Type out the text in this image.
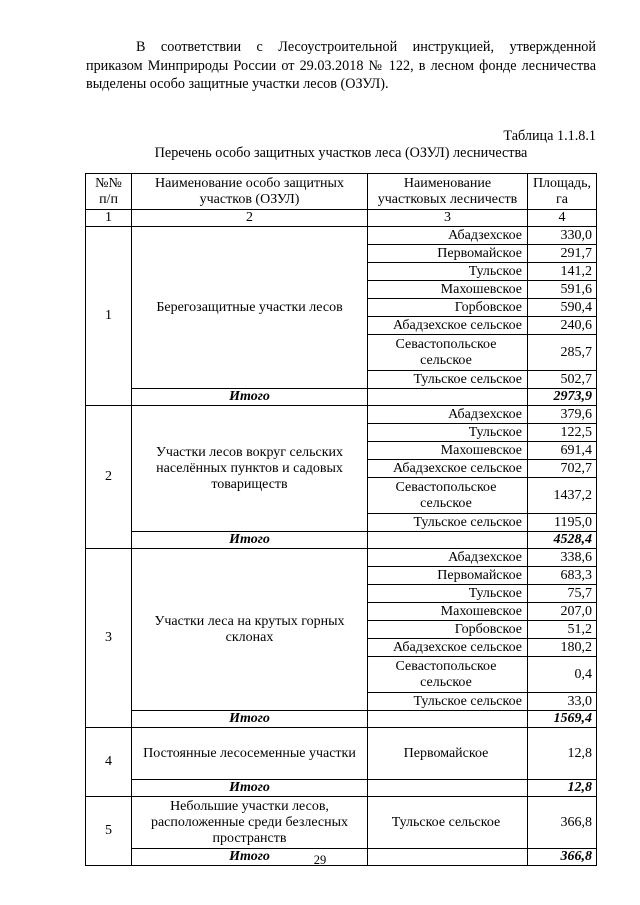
В соответствии с Лесоустроительной инструкцией, утвержденной приказом Минприроды России от 29.03.2018 № 122, в лесном фонде лесничества выделены особо защитные участки лесов (ОЗУЛ).

Таблица 1.1.8.1
Перечень особо защитных участков леса (ОЗУЛ) лесничества
№№ п/п	Наименование особо защитных участков (ОЗУЛ)	Наименование участковых лесничеств	Площадь, га
1	2	3	4
1	Берегозащитные участки лесов	Абадзехское	330,0
		Первомайское	291,7
		Тульское	141,2
		Махошевское	591,6
		Горбовское	590,4
		Абадзехское сельское	240,6
		Севастопольское сельское	285,7
		Тульское сельское	502,7
	Итого		2973,9
2	Участки лесов вокруг сельских населённых пунктов и садовых товариществ	Абадзехское	379,6
		Тульское	122,5
		Махошевское	691,4
		Абадзехское сельское	702,7
		Севастопольское сельское	1437,2
		Тульское сельское	1195,0
	Итого		4528,4
3	Участки леса на крутых горных склонах	Абадзехское	338,6
		Первомайское	683,3
		Тульское	75,7
		Махошевское	207,0
		Горбовское	51,2
		Абадзехское сельское	180,2
		Севастопольское сельское	0,4
		Тульское сельское	33,0
	Итого		1569,4
4	Постоянные лесосеменные участки	Первомайское	12,8
	Итого		12,8
5	Небольшие участки лесов, расположенные среди безлесных пространств	Тульское сельское	366,8
	Итого		366,8
29
